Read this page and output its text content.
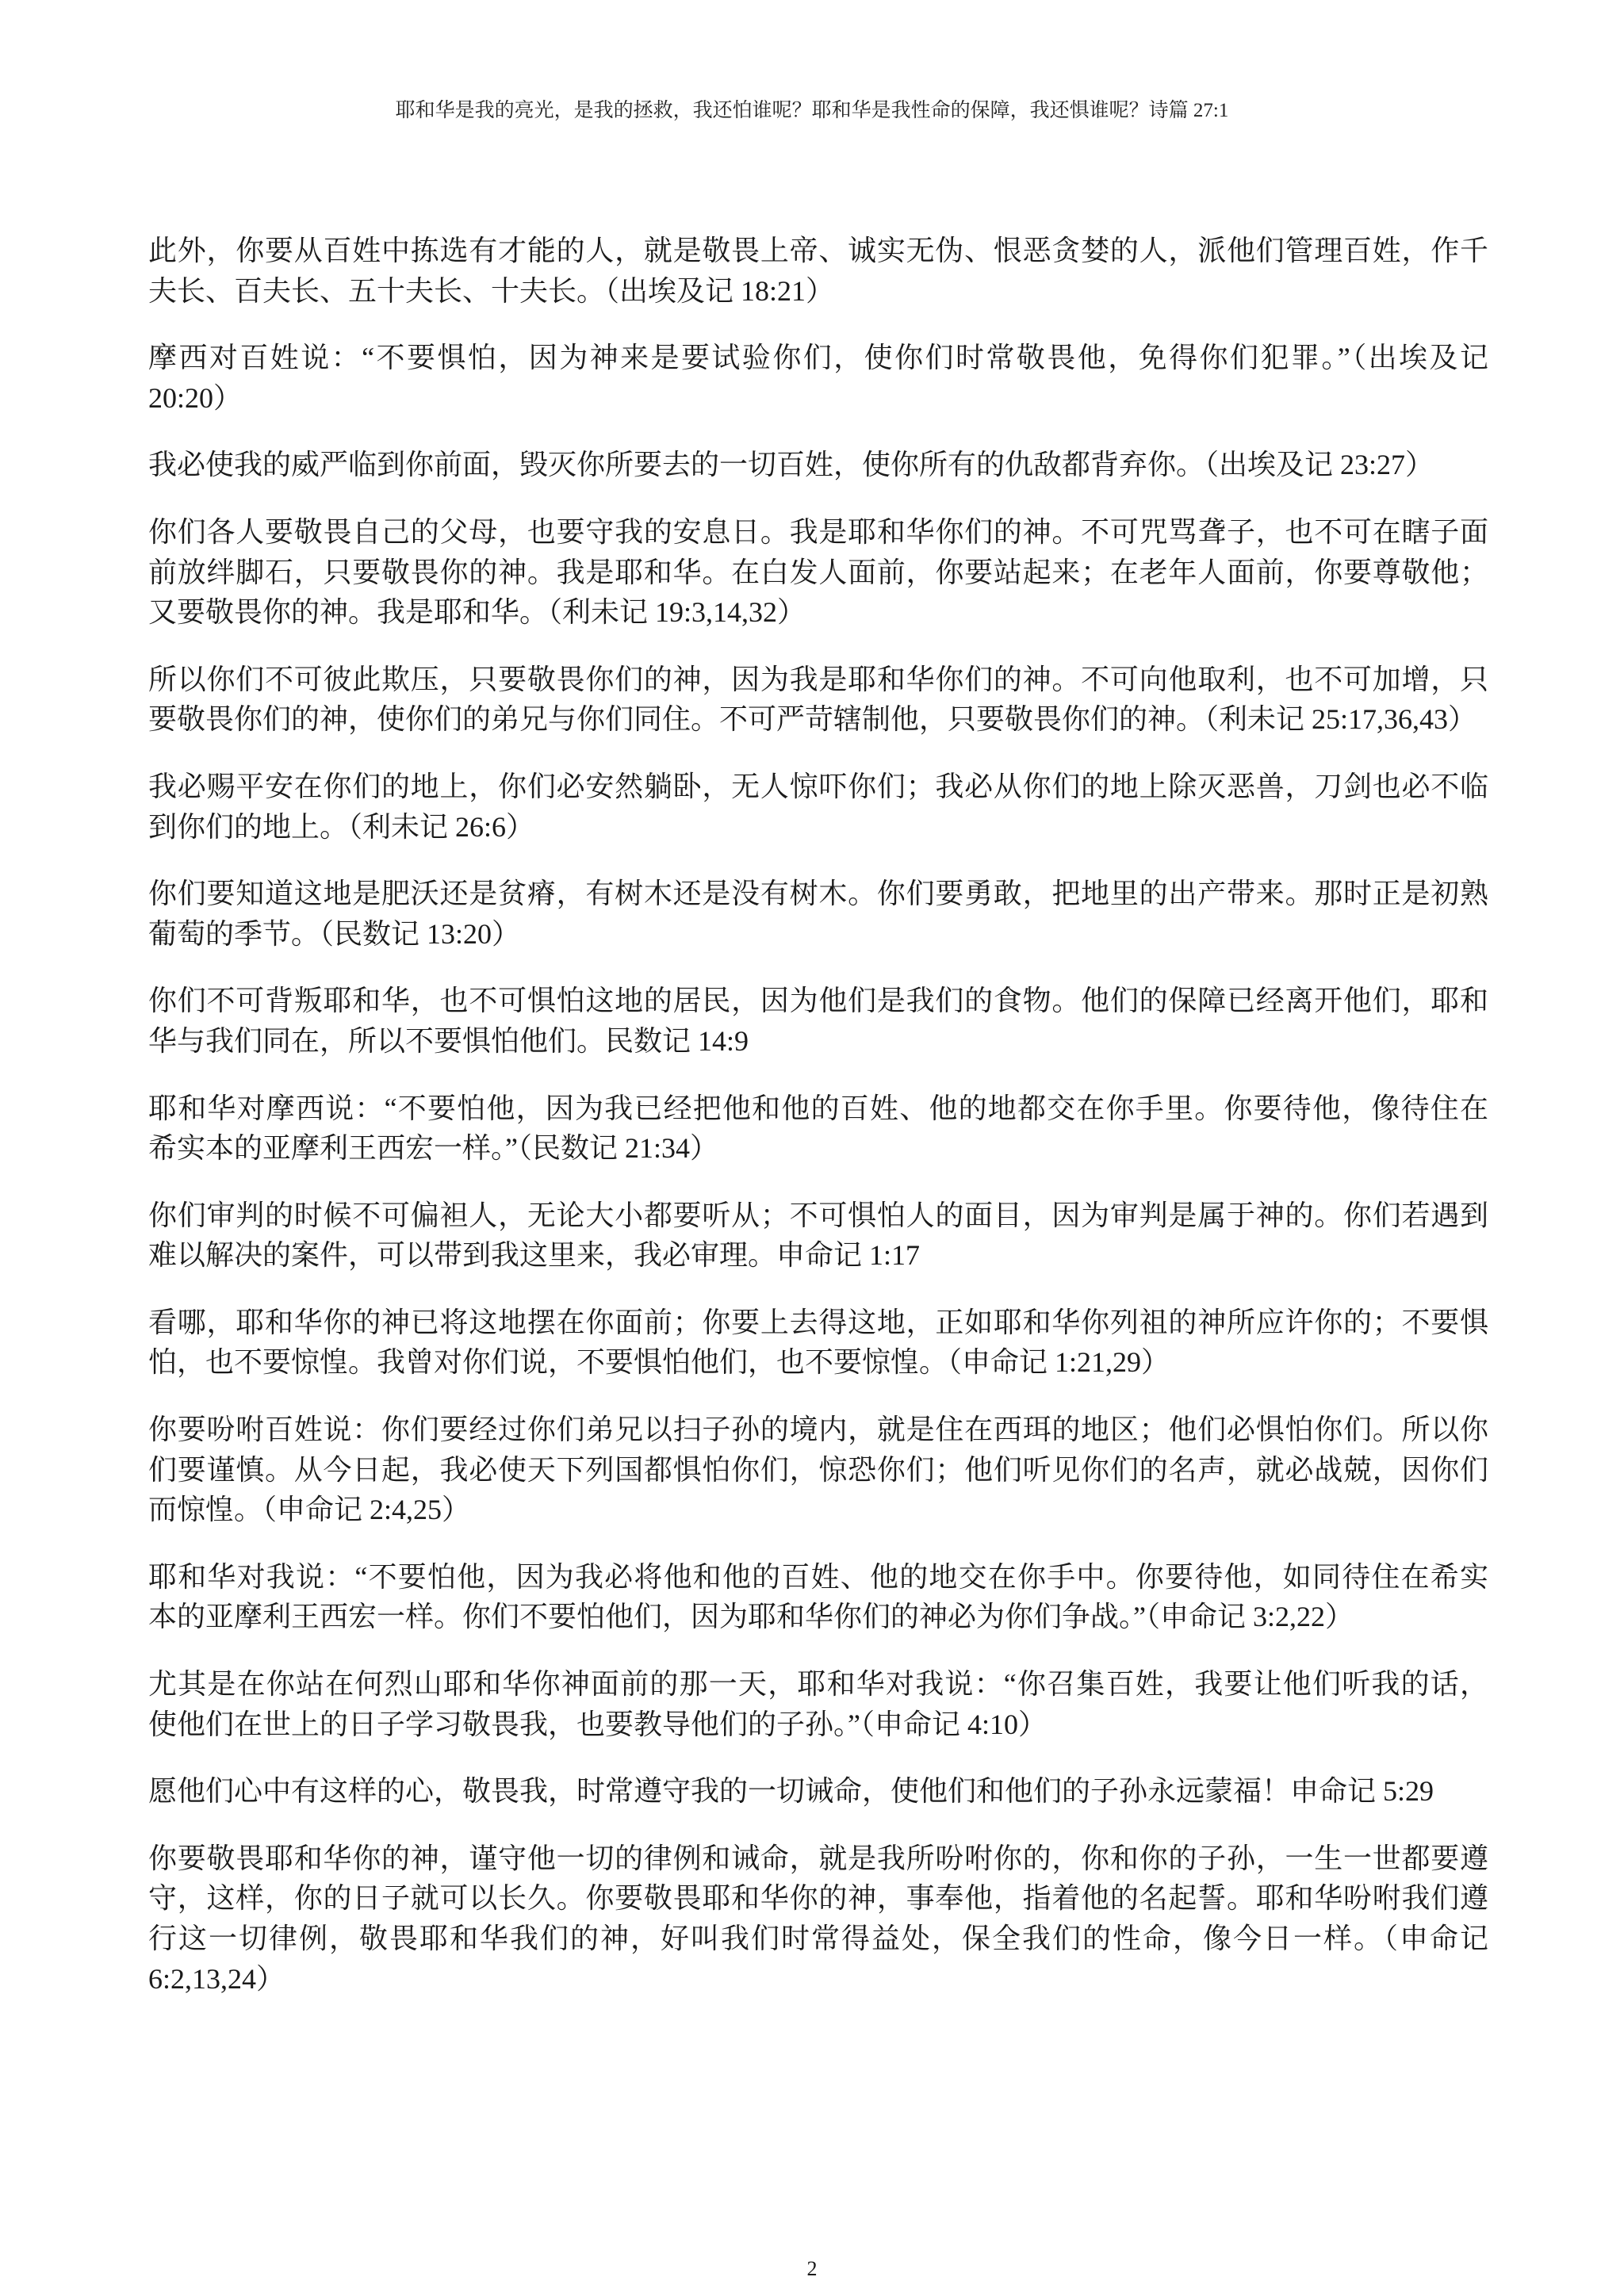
耶和华是我的亮光，是我的拯救，我还怕谁呢？耶和华是我性命的保障，我还惧谁呢？诗篇 27:1
此外，你要从百姓中拣选有才能的人，就是敬畏上帝、诚实无伪、恨恶贪婪的人，派他们管理百姓，作千
夫长、百夫长、五十夫长、十夫长。（出埃及记 18:21）
摩西对百姓说：“不要惧怕，因为神来是要试验你们，使你们时常敬畏他，免得你们犯罪。”（出埃及记
20:20）
我必使我的威严临到你前面，毁灭你所要去的一切百姓，使你所有的仇敌都背弃你。（出埃及记 23:27）
你们各人要敬畏自己的父母，也要守我的安息日。我是耶和华你们的神。不可咒骂聋子，也不可在瞎子面
前放绊脚石，只要敬畏你的神。我是耶和华。在白发人面前，你要站起来；在老年人面前，你要尊敬他；
又要敬畏你的神。我是耶和华。（利未记 19:3,14,32）
所以你们不可彼此欺压，只要敬畏你们的神，因为我是耶和华你们的神。不可向他取利，也不可加增，只
要敬畏你们的神，使你们的弟兄与你们同住。不可严苛辖制他，只要敬畏你们的神。（利未记 25:17,36,43）
我必赐平安在你们的地上，你们必安然躺卧，无人惊吓你们；我必从你们的地上除灭恶兽，刀剑也必不临
到你们的地上。（利未记 26:6）
你们要知道这地是肥沃还是贫瘠，有树木还是没有树木。你们要勇敢，把地里的出产带来。那时正是初熟
葡萄的季节。（民数记 13:20）
你们不可背叛耶和华，也不可惧怕这地的居民，因为他们是我们的食物。他们的保障已经离开他们，耶和
华与我们同在，所以不要惧怕他们。民数记 14:9
耶和华对摩西说：“不要怕他，因为我已经把他和他的百姓、他的地都交在你手里。你要待他，像待住在
希实本的亚摩利王西宏一样。”（民数记 21:34）
你们审判的时候不可偏袒人，无论大小都要听从；不可惧怕人的面目，因为审判是属于神的。你们若遇到
难以解决的案件，可以带到我这里来，我必审理。申命记 1:17
看哪，耶和华你的神已将这地摆在你面前；你要上去得这地，正如耶和华你列祖的神所应许你的；不要惧
怕，也不要惊惶。我曾对你们说，不要惧怕他们，也不要惊惶。（申命记 1:21,29）
你要吩咐百姓说：你们要经过你们弟兄以扫子孙的境内，就是住在西珥的地区；他们必惧怕你们。所以你
们要谨慎。从今日起，我必使天下列国都惧怕你们，惊恐你们；他们听见你们的名声，就必战兢，因你们
而惊惶。（申命记 2:4,25）
耶和华对我说：“不要怕他，因为我必将他和他的百姓、他的地交在你手中。你要待他，如同待住在希实
本的亚摩利王西宏一样。你们不要怕他们，因为耶和华你们的神必为你们争战。”（申命记 3:2,22）
尤其是在你站在何烈山耶和华你神面前的那一天，耶和华对我说：“你召集百姓，我要让他们听我的话，
使他们在世上的日子学习敬畏我，也要教导他们的子孙。”（申命记 4:10）
愿他们心中有这样的心，敬畏我，时常遵守我的一切诫命，使他们和他们的子孙永远蒙福！申命记 5:29
你要敬畏耶和华你的神，谨守他一切的律例和诫命，就是我所吩咐你的，你和你的子孙，一生一世都要遵
守，这样，你的日子就可以长久。你要敬畏耶和华你的神，事奉他，指着他的名起誓。耶和华吩咐我们遵
行这一切律例，敬畏耶和华我们的神，好叫我们时常得益处，保全我们的性命，像今日一样。（申命记
6:2,13,24）
2
